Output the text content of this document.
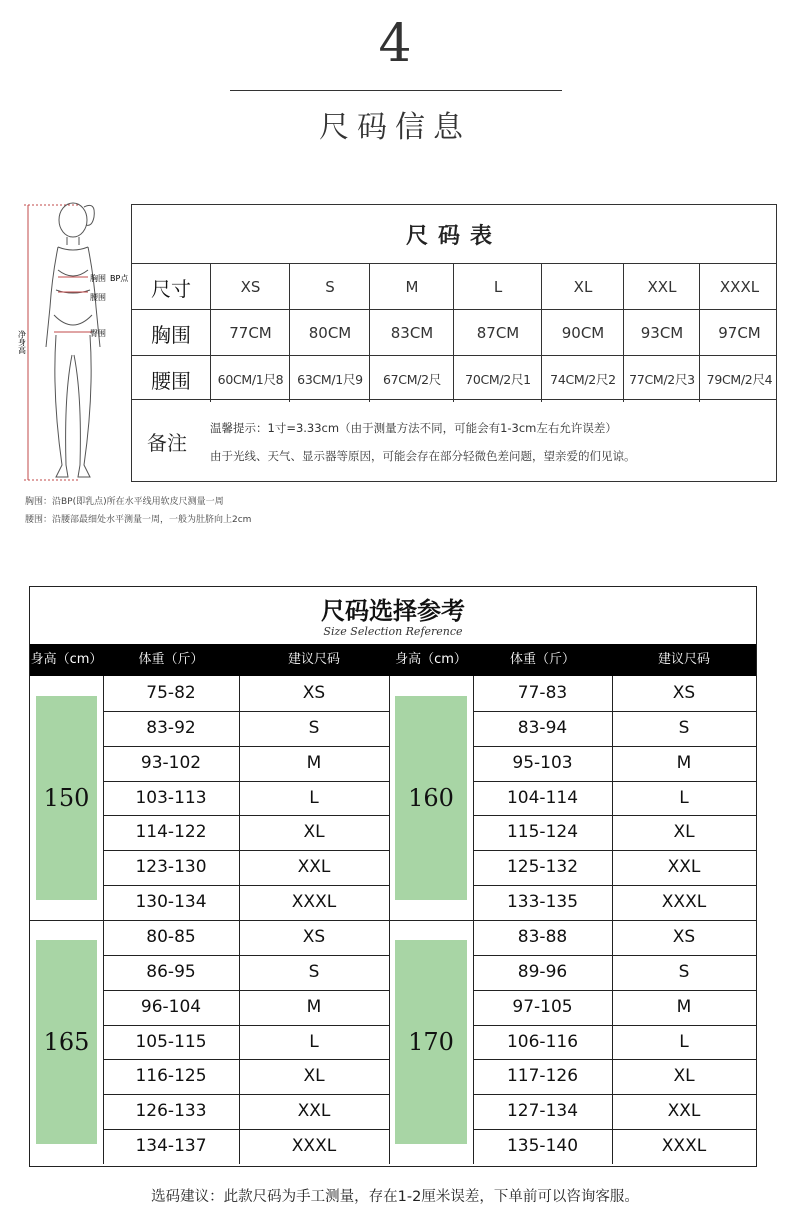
4
尺码信息
胸围 BP点
腰围
臀围
净身高
尺码表
备注
温馨提示：1寸=3.33cm（由于测量方法不同，可能会有1-3cm左右允许误差）
由于光线、天气、显示器等原因，可能会存在部分轻微色差问题，望亲爱的们见谅。
尺寸	XS	S	M	L	XL	XXL	XXXL
胸围	77CM	80CM	83CM	87CM	90CM	93CM	97CM
腰围	60CM/1尺8	63CM/1尺9	67CM/2尺	70CM/2尺1	74CM/2尺2	77CM/2尺3 79CM/2尺4
胸围：沿BP(即乳点)所在水平线用软皮尺测量一周
腰围：沿腰部最细处水平测量一周，一般为肚脐向上2cm
尺码选择参考
Size Selection Reference
身高（cm）	体重（斤）	建议尺码	身高（cm）	体重（斤）	建议尺码
150
75-82	XS
83-92	S
93-102	M
103-113	L
114-122	XL
123-130	XXL
130-134	XXXL
160
77-83	XS
83-94	S
95-103	M
104-114	L
115-124	XL
125-132	XXL
133-135	XXXL
165
80-85	XS
86-95	S
96-104	M
105-115	L
116-125	XL
126-133	XXL
134-137	XXXL
170
83-88	XS
89-96	S
97-105	M
106-116	L
117-126	XL
127-134	XXL
135-140	XXXL
选码建议：此款尺码为手工测量，存在1-2厘米误差，下单前可以咨询客服。
